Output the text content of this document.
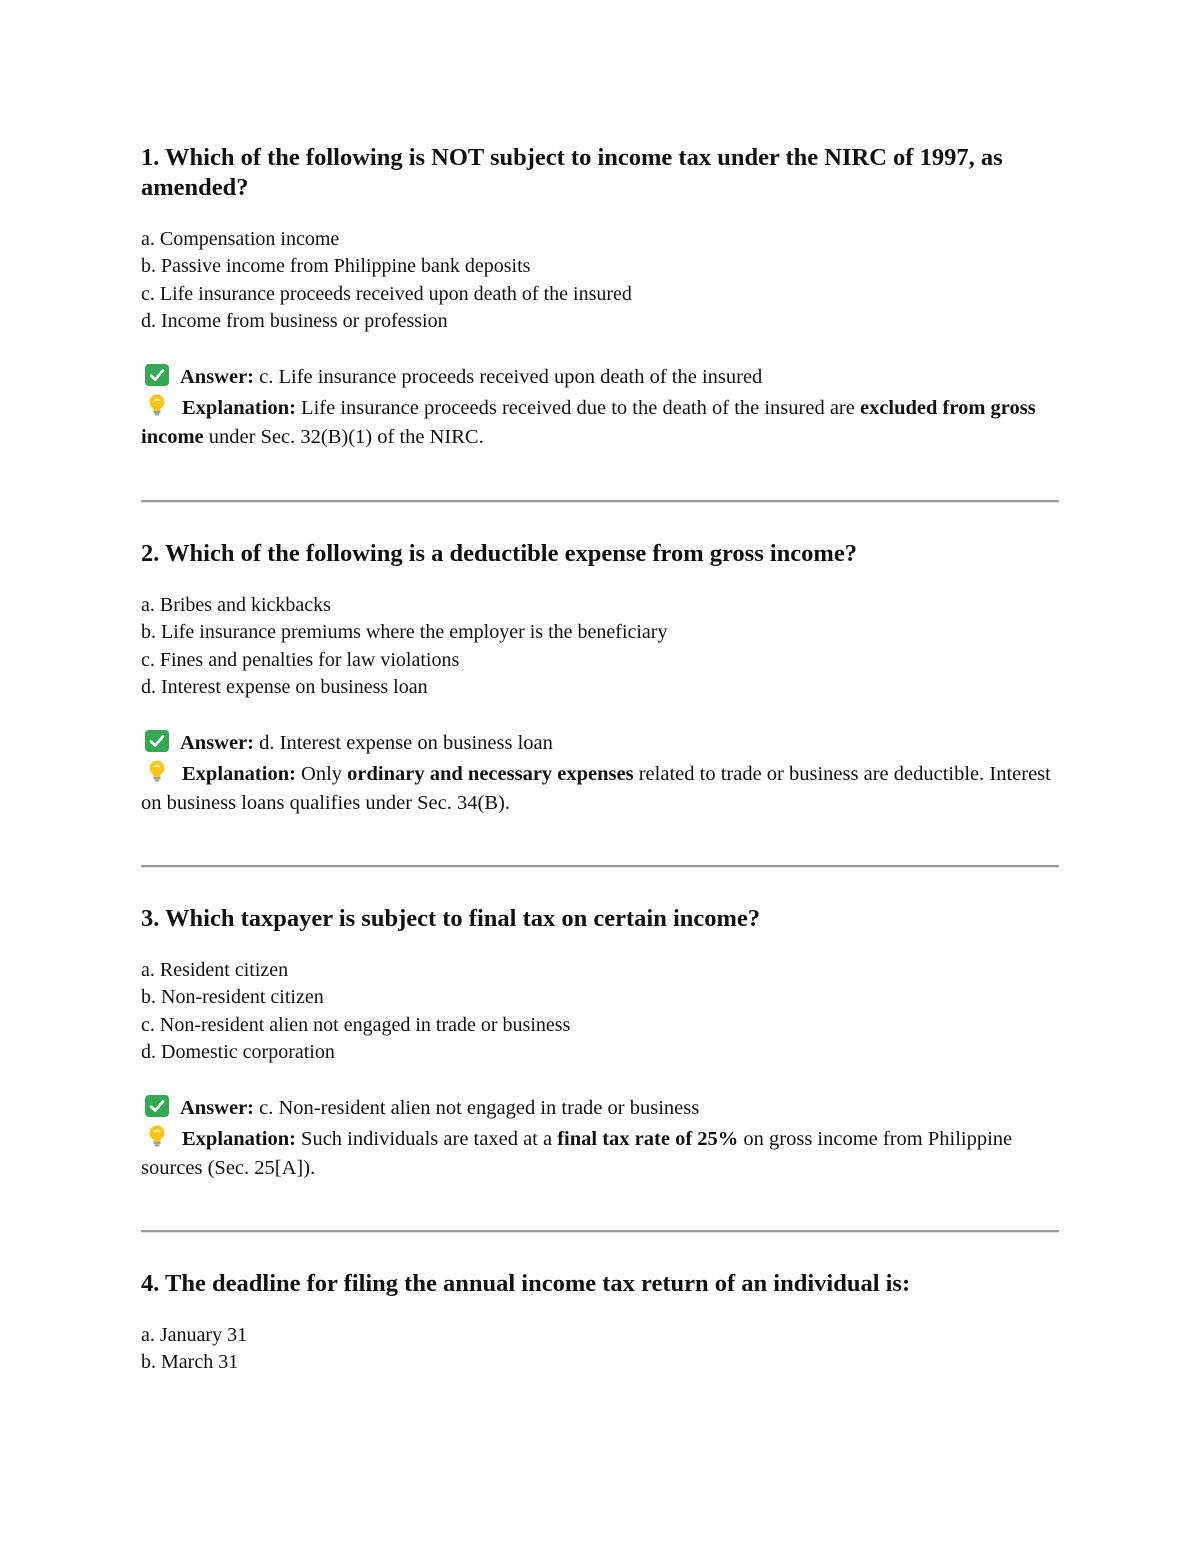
1. Which of the following is NOT subject to income tax under the NIRC of 1997, as amended?
a. Compensation income
b. Passive income from Philippine bank deposits
c. Life insurance proceeds received upon death of the insured
d. Income from business or profession
Answer: c. Life insurance proceeds received upon death of the insured
Explanation: Life insurance proceeds received due to the death of the insured are excluded from gross income under Sec. 32(B)(1) of the NIRC.
2. Which of the following is a deductible expense from gross income?
a. Bribes and kickbacks
b. Life insurance premiums where the employer is the beneficiary
c. Fines and penalties for law violations
d. Interest expense on business loan
Answer: d. Interest expense on business loan
Explanation: Only ordinary and necessary expenses related to trade or business are deductible. Interest on business loans qualifies under Sec. 34(B).
3. Which taxpayer is subject to final tax on certain income?
a. Resident citizen
b. Non-resident citizen
c. Non-resident alien not engaged in trade or business
d. Domestic corporation
Answer: c. Non-resident alien not engaged in trade or business
Explanation: Such individuals are taxed at a final tax rate of 25% on gross income from Philippine sources (Sec. 25[A]).
4. The deadline for filing the annual income tax return of an individual is:
a. January 31
b. March 31
